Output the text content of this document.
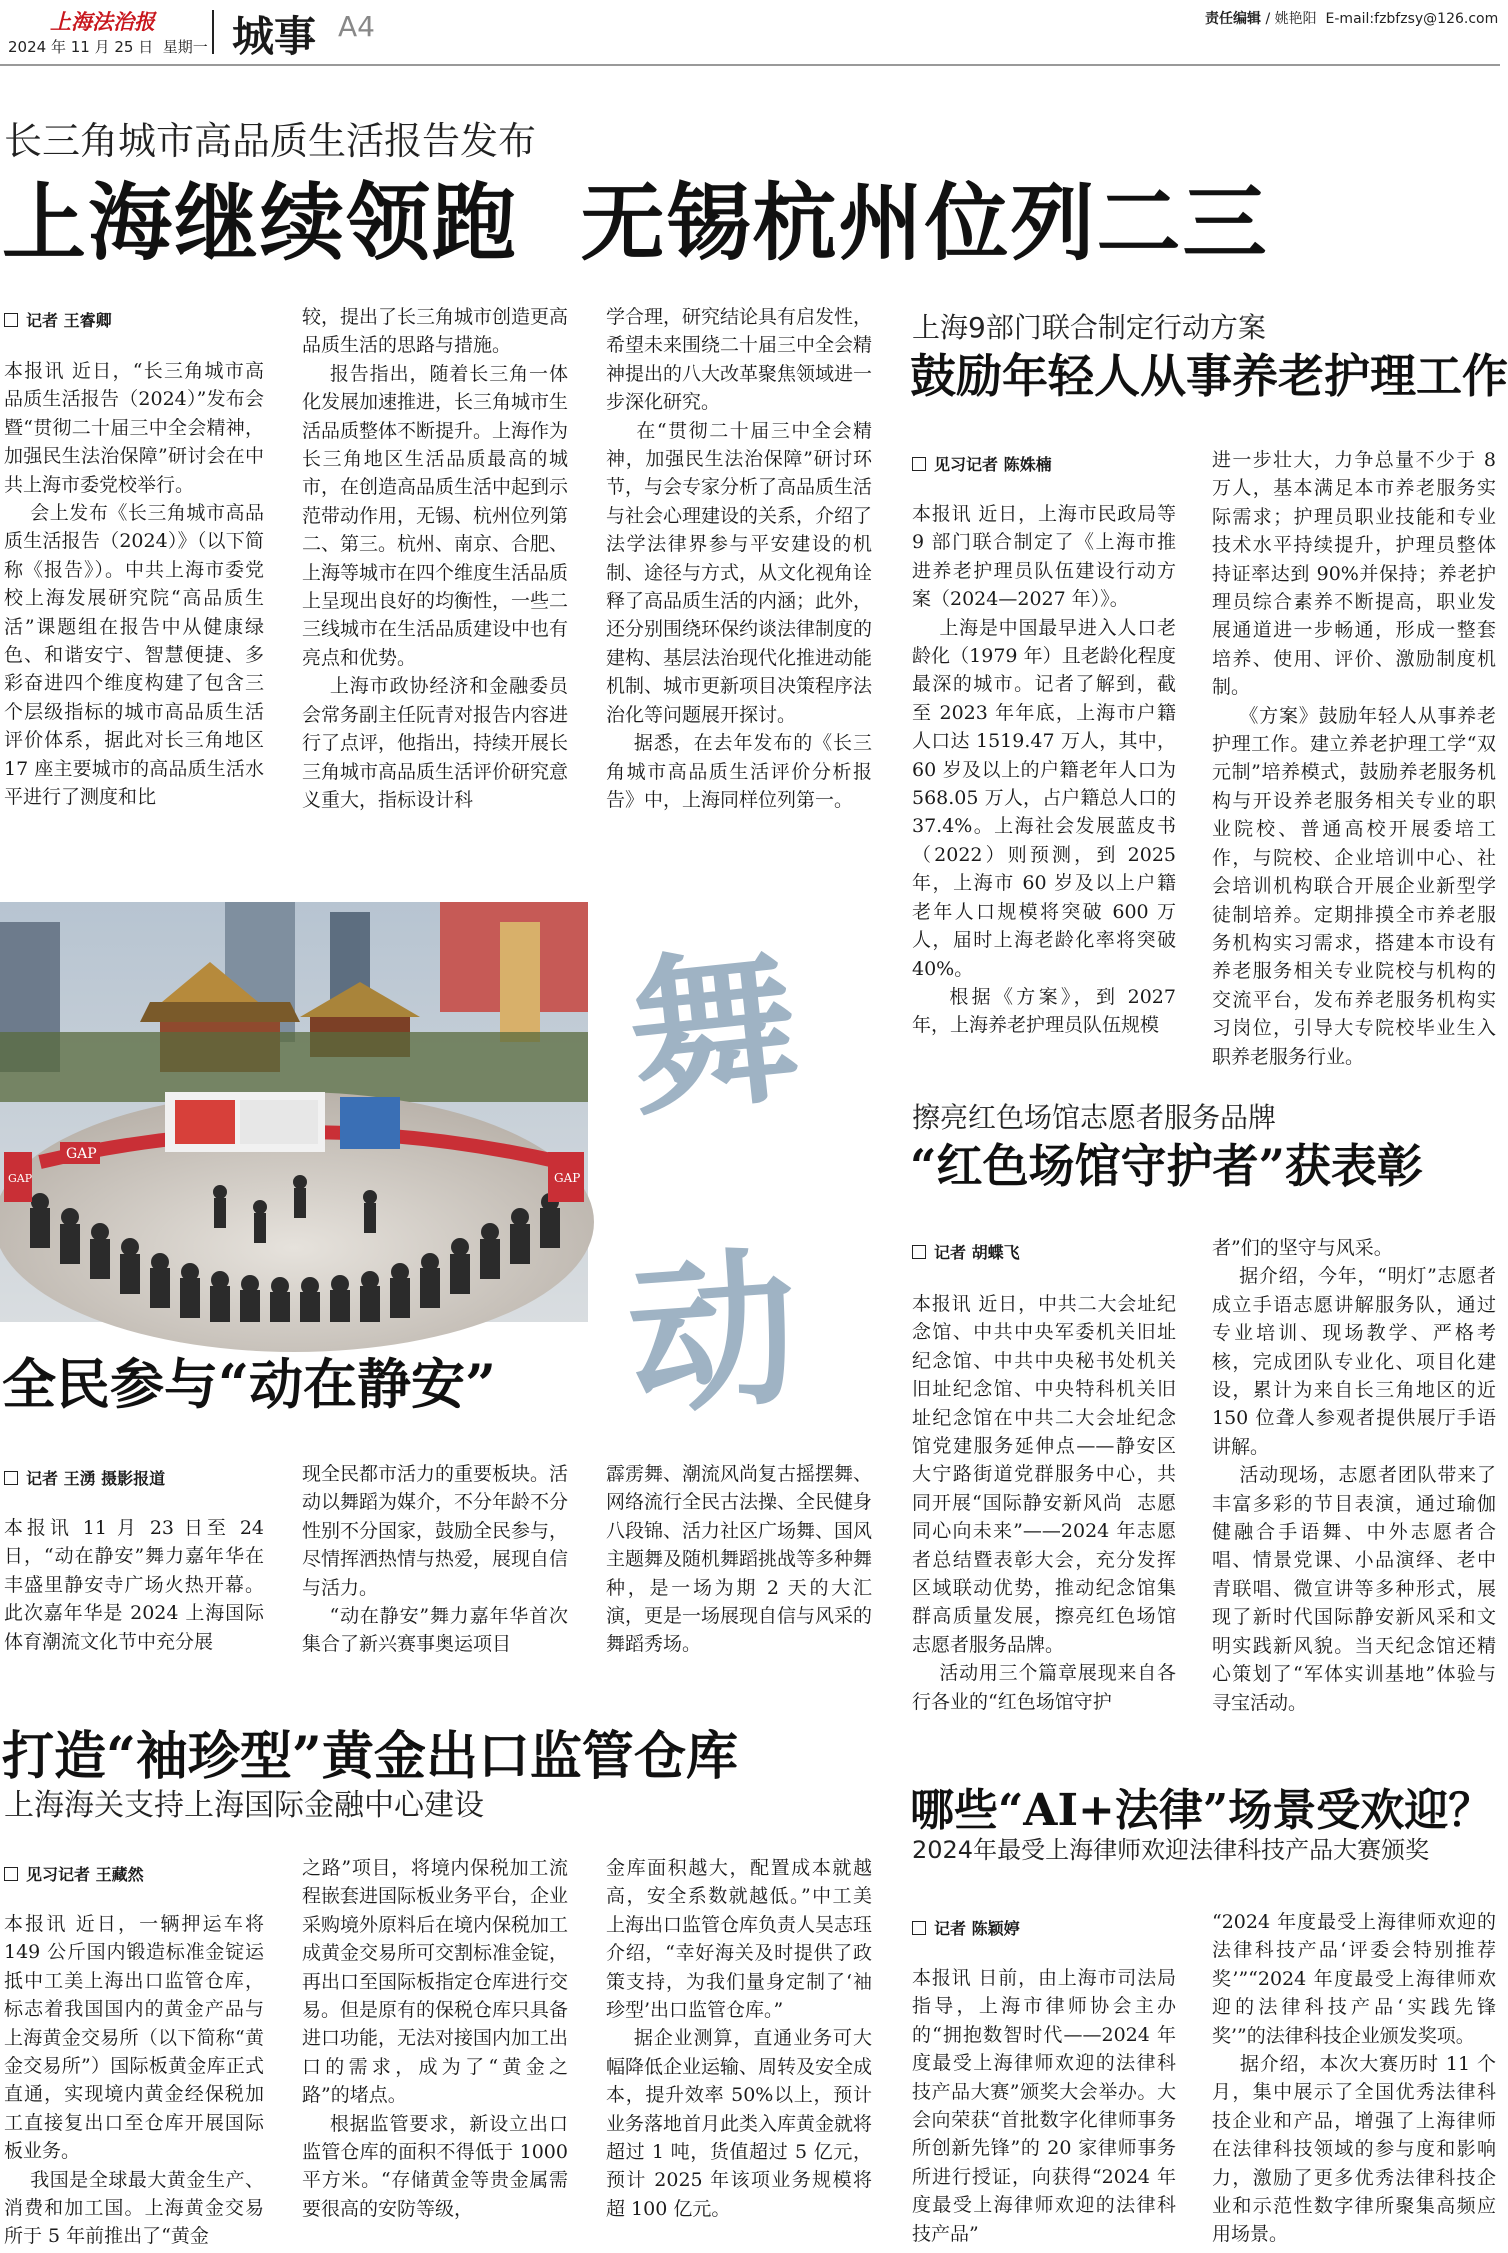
上海法治报
2024 年 11 月 25 日 星期一 城事 A4	责任编辑 / 姚艳阳 E-mail:fzbfzsy@126.com
长三角城市高品质生活报告发布
上海继续领跑  无锡杭州位列二三
记者 王睿卿
本报讯 近日，“长三角城市高品质生活报告（2024）”发布会暨“贯彻二十届三中全会精神，加强民生法治保障”研讨会在中共上海市委党校举行。
会上发布《长三角城市高品质生活报告（2024）》（以下简称《报告》）。中共上海市委党校上海发展研究院“高品质生活”课题组在报告中从健康绿色、和谐安宁、智慧便捷、多彩奋进四个维度构建了包含三个层级指标的城市高品质生活评价体系，据此对长三角地区 17 座主要城市的高品质生活水平进行了测度和比
较，提出了长三角城市创造更高品质生活的思路与措施。
报告指出，随着长三角一体化发展加速推进，长三角城市生活品质整体不断提升。上海作为长三角地区生活品质最高的城市，在创造高品质生活中起到示范带动作用，无锡、杭州位列第二、第三。杭州、南京、合肥、上海等城市在四个维度生活品质上呈现出良好的均衡性，一些二三线城市在生活品质建设中也有亮点和优势。
上海市政协经济和金融委员会常务副主任阮青对报告内容进行了点评，他指出，持续开展长三角城市高品质生活评价研究意义重大，指标设计科
学合理，研究结论具有启发性，希望未来围绕二十届三中全会精神提出的八大改革聚焦领域进一步深化研究。
在“贯彻二十届三中全会精神，加强民生法治保障”研讨环节，与会专家分析了高品质生活与社会心理建设的关系，介绍了法学法律界参与平安建设的机制、途径与方式，从文化视角诠释了高品质生活的内涵；此外，还分别围绕环保约谈法律制度的建构、基层法治现代化推进动能机制、城市更新项目决策程序法治化等问题展开探讨。
据悉，在去年发布的《长三角城市高品质生活评价分析报告》中，上海同样位列第一。
上海9部门联合制定行动方案
鼓励年轻人从事养老护理工作
见习记者 陈姝楠
本报讯 近日，上海市民政局等 9 部门联合制定了《上海市推进养老护理员队伍建设行动方案（2024—2027 年）》。
上海是中国最早进入人口老龄化（1979 年）且老龄化程度最深的城市。记者了解到，截至 2023 年年底，上海市户籍人口达 1519.47 万人，其中，60 岁及以上的户籍老年人口为 568.05 万人，占户籍总人口的 37.4%。上海社会发展蓝皮书（2022）则预测，到 2025 年，上海市 60 岁及以上户籍老年人口规模将突破 600 万人，届时上海老龄化率将突破 40%。
根据《方案》，到 2027 年，上海养老护理员队伍规模
进一步壮大，力争总量不少于 8 万人，基本满足本市养老服务实际需求；护理员职业技能和专业技术水平持续提升，护理员整体持证率达到 90%并保持；养老护理员综合素养不断提高，职业发展通道进一步畅通，形成一整套培养、使用、评价、激励制度机制。
《方案》鼓励年轻人从事养老护理工作。建立养老护理工学“双元制”培养模式，鼓励养老服务机构与开设养老服务相关专业的职业院校、普通高校开展委培工作，与院校、企业培训中心、社会培训机构联合开展企业新型学徒制培养。定期排摸全市养老服务机构实习需求，搭建本市设有养老服务相关专业院校与机构的交流平台，发布养老服务机构实习岗位，引导大专院校毕业生入职养老服务行业。
GAP
GAP	GAP
舞
动
全民参与“动在静安”
记者 王湧 摄影报道
本报讯 11 月 23 日至 24 日，“动在静安”舞力嘉年华在丰盛里静安寺广场火热开幕。此次嘉年华是 2024 上海国际体育潮流文化节中充分展
现全民都市活力的重要板块。活动以舞蹈为媒介，不分年龄不分性别不分国家，鼓励全民参与，尽情挥洒热情与热爱，展现自信与活力。
“动在静安”舞力嘉年华首次集合了新兴赛事奥运项目
霹雳舞、潮流风尚复古摇摆舞、网络流行全民古法操、全民健身八段锦、活力社区广场舞、国风主题舞及随机舞蹈挑战等多种舞种，是一场为期 2 天的大汇演，更是一场展现自信与风采的舞蹈秀场。
擦亮红色场馆志愿者服务品牌
“红色场馆守护者”获表彰
记者 胡蝶飞
本报讯 近日，中共二大会址纪念馆、中共中央军委机关旧址纪念馆、中共中央秘书处机关旧址纪念馆、中央特科机关旧址纪念馆在中共二大会址纪念馆党建服务延伸点——静安区大宁路街道党群服务中心，共同开展“国际静安新风尚  志愿同心向未来”——2024 年志愿者总结暨表彰大会，充分发挥区域联动优势，推动纪念馆集群高质量发展，擦亮红色场馆志愿者服务品牌。
活动用三个篇章展现来自各行各业的“红色场馆守护
者”们的坚守与风采。
据介绍，今年，“明灯”志愿者成立手语志愿讲解服务队，通过专业培训、现场教学、严格考核，完成团队专业化、项目化建设，累计为来自长三角地区的近 150 位聋人参观者提供展厅手语讲解。
活动现场，志愿者团队带来了丰富多彩的节目表演，通过瑜伽健融合手语舞、中外志愿者合唱、情景党课、小品演绎、老中青联唱、微宣讲等多种形式，展现了新时代国际静安新风采和文明实践新风貌。当天纪念馆还精心策划了“军体实训基地”体验与寻宝活动。
打造“袖珍型”黄金出口监管仓库
上海海关支持上海国际金融中心建设
见习记者 王藏然
本报讯 近日，一辆押运车将 149 公斤国内锻造标准金锭运抵中工美上海出口监管仓库，标志着我国国内的黄金产品与上海黄金交易所（以下简称“黄金交易所”）国际板黄金库正式直通，实现境内黄金经保税加工直接复出口至仓库开展国际板业务。
我国是全球最大黄金生产、消费和加工国。上海黄金交易所于 5 年前推出了“黄金
之路”项目，将境内保税加工流程嵌套进国际板业务平台，企业采购境外原料后在境内保税加工成黄金交易所可交割标准金锭，再出口至国际板指定仓库进行交易。但是原有的保税仓库只具备进口功能，无法对接国内加工出口的需求，成为了“黄金之路”的堵点。
根据监管要求，新设立出口监管仓库的面积不得低于 1000 平方米。“存储黄金等贵金属需要很高的安防等级，
金库面积越大，配置成本就越高，安全系数就越低。”中工美上海出口监管仓库负责人吴志珏介绍，“幸好海关及时提供了政策支持，为我们量身定制了‘袖珍型’出口监管仓库。”
据企业测算，直通业务可大幅降低企业运输、周转及安全成本，提升效率 50%以上，预计业务落地首月此类入库黄金就将超过 1 吨，货值超过 5 亿元，预计 2025 年该项业务规模将超 100 亿元。
哪些“AI+法律”场景受欢迎？
2024年最受上海律师欢迎法律科技产品大赛颁奖
记者 陈颖婷
本报讯 日前，由上海市司法局指导，上海市律师协会主办的“拥抱数智时代——2024 年度最受上海律师欢迎的法律科技产品大赛”颁奖大会举办。大会向荣获“首批数字化律师事务所创新先锋”的 20 家律师事务所进行授证，向获得“2024 年度最受上海律师欢迎的法律科技产品”
“2024 年度最受上海律师欢迎的法律科技产品‘评委会特别推荐奖’”“2024 年度最受上海律师欢迎的法律科技产品‘实践先锋奖’”的法律科技企业颁发奖项。
据介绍，本次大赛历时 11 个月，集中展示了全国优秀法律科技企业和产品，增强了上海律师在法律科技领域的参与度和影响力，激励了更多优秀法律科技企业和示范性数字律所聚集高频应用场景。
